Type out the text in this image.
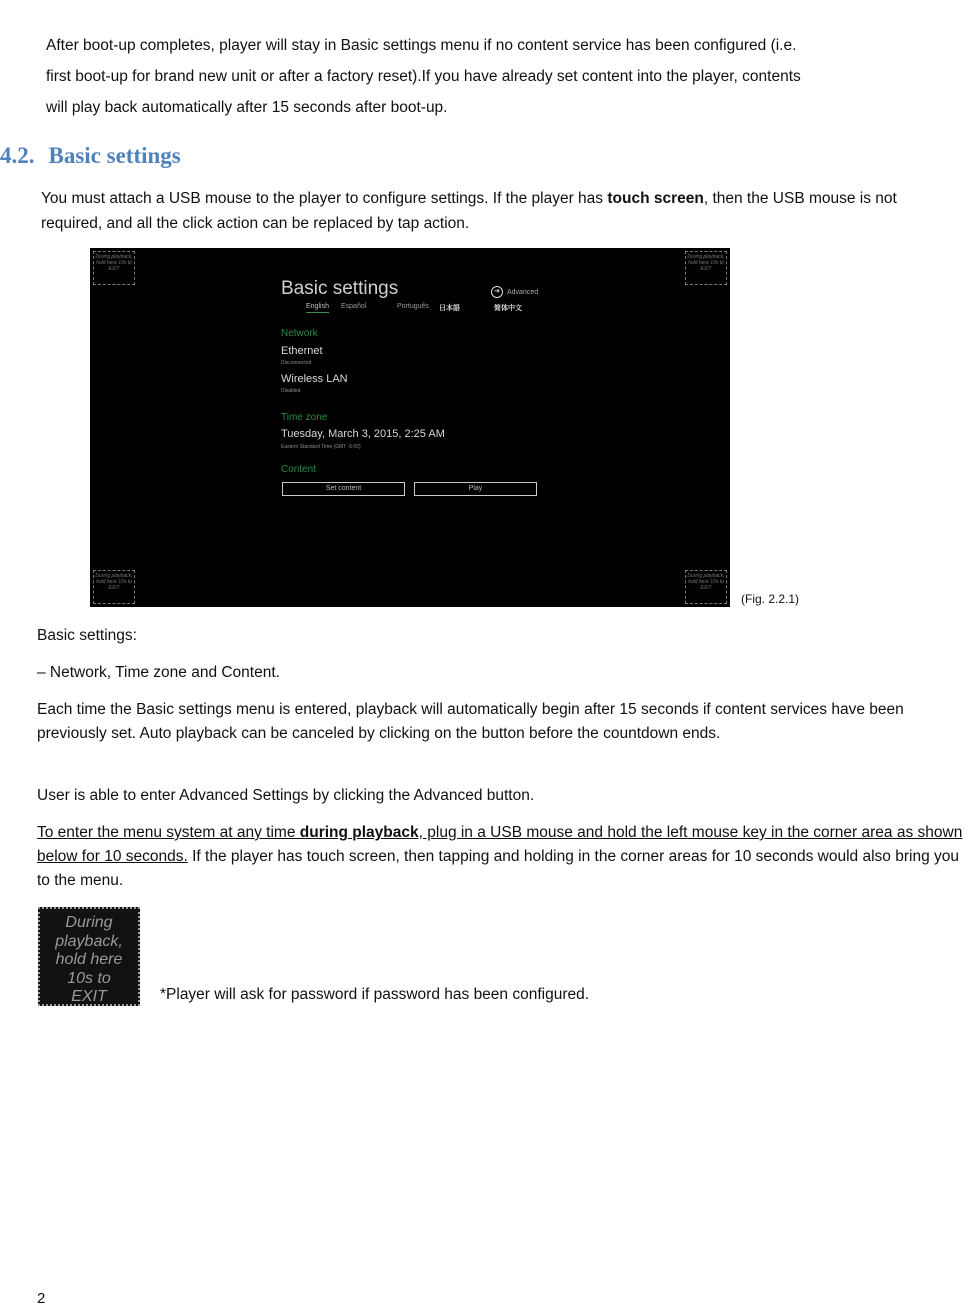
After boot-up completes, player will stay in Basic settings menu if no content service has been configured (i.e.
first boot-up for brand new unit or after a factory reset).If you have already set content into the player, contents
will play back automatically after 15 seconds after boot-up.
4.2. Basic settings

You must attach a USB mouse to the player to configure settings. If the player has touch screen, then the USB mouse is not required, and all the click action can be replaced by tap action.

During playback, hold here 10s to EXIT
During playback, hold here 10s to EXIT
During playback, hold here 10s to EXIT
During playback, hold here 10s to EXIT
Basic settings	➜ Advanced
English Español	Português 日本語	简体中文
Network
Ethernet
Disconnected
Wireless LAN
Disabled
Time zone
Tuesday, March 3, 2015, 2:25 AM
Eastern Standard Time (GMT -5:00)
Content
Set content	Play
(Fig. 2.2.1)

Basic settings:

– Network, Time zone and Content.

Each time the Basic settings menu is entered, playback will automatically begin after 15 seconds if content services have been previously set. Auto playback can be canceled by clicking on the button before the countdown ends.

User is able to enter Advanced Settings by clicking the Advanced button.

To enter the menu system at any time during playback, plug in a USB mouse and hold the left mouse key in the corner area as shown below for 10 seconds. If the player has touch screen, then tapping and holding in the corner areas for 10 seconds would also bring you to the menu.

During
playback,
hold here
10s to
EXIT	*Player will ask for password if password has been configured.
2
